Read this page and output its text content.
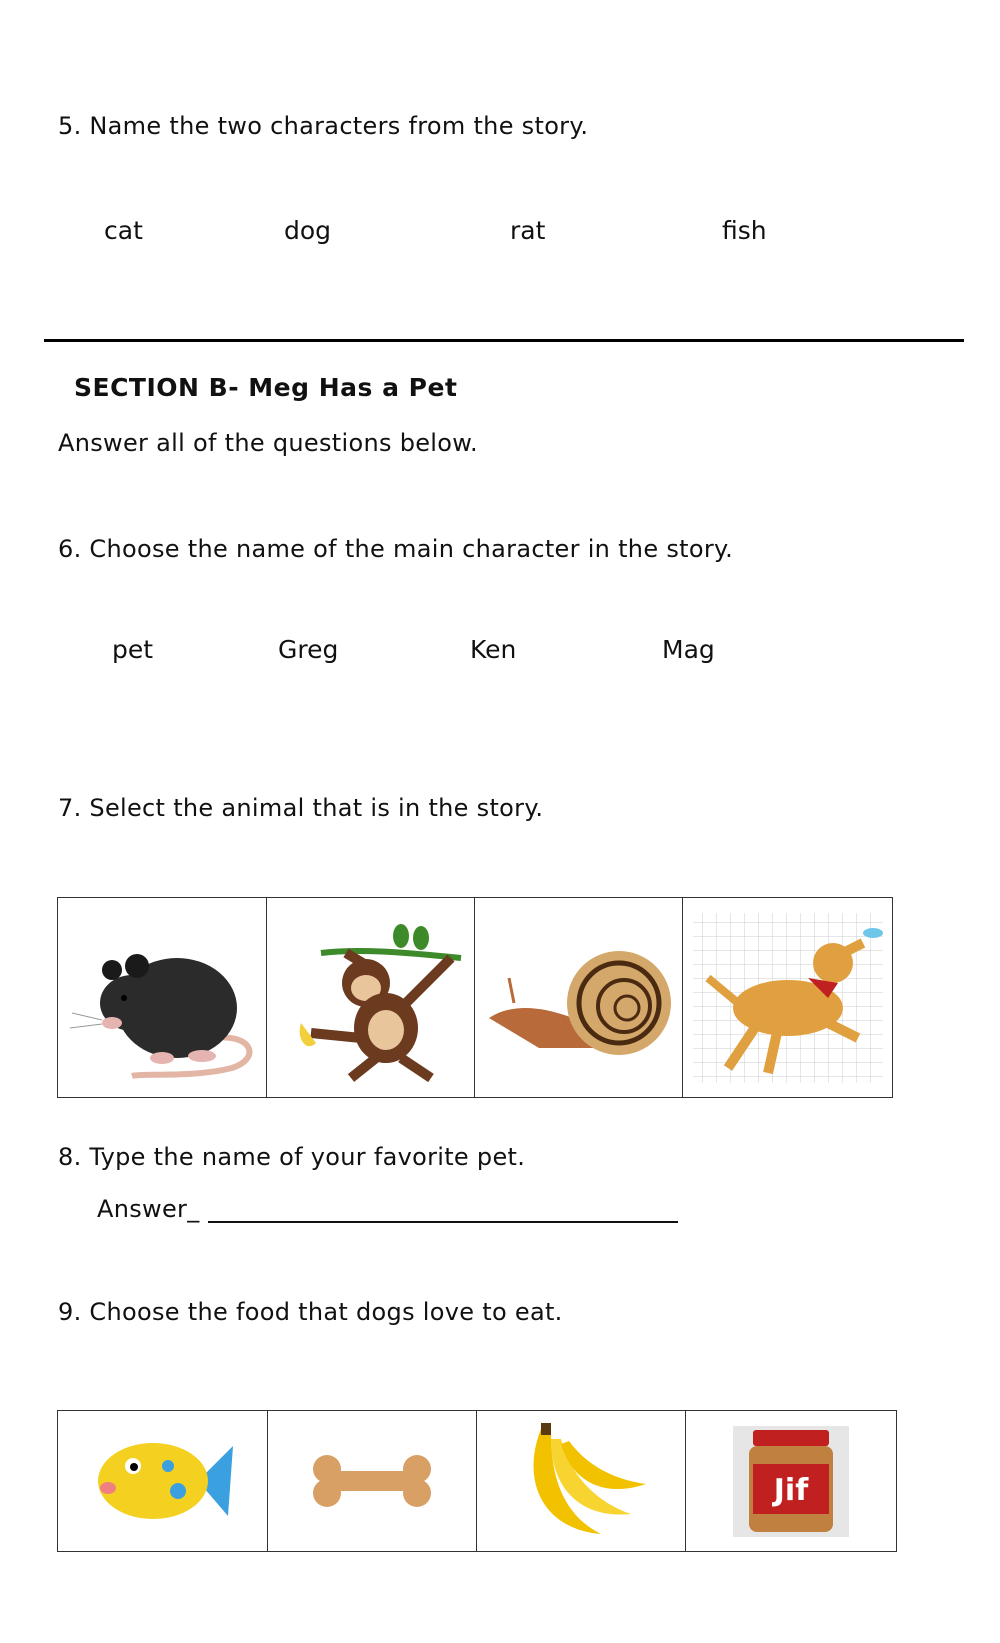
5. Name the two characters from the story.
cat	dog	rat	fish
SECTION B- Meg Has a Pet
Answer all of the questions below.
6. Choose the name of the main character in the story.
pet	Greg	Ken	Mag
7. Select the animal that is in the story.
8. Type the name of your favorite pet.
Answer_
9. Choose the food that dogs love to eat.
Jif
